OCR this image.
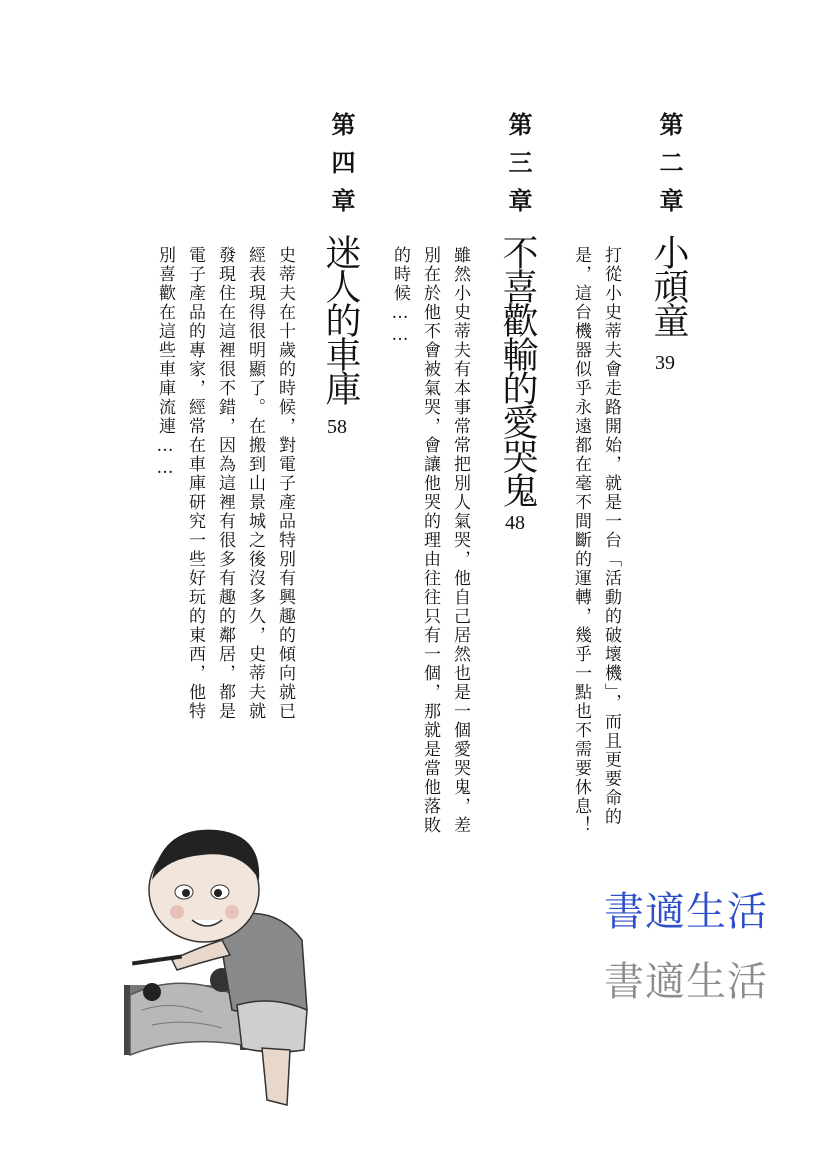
第二章
小頑童
39
打從小史蒂夫會走路開始，就是一台「活動的破壞機」，而且更要命的
是，這台機器似乎永遠都在毫不間斷的運轉，幾乎一點也不需要休息！
第三章
不喜歡輸的愛哭鬼
48
雖然小史蒂夫有本事常常把別人氣哭，他自己居然也是一個愛哭鬼，差
別在於他不會被氣哭，會讓他哭的理由往往只有一個，那就是當他落敗
的時候……
第四章
迷人的車庫
58
史蒂夫在十歲的時候，對電子產品特別有興趣的傾向就已
經表現得很明顯了。在搬到山景城之後沒多久，史蒂夫就
發現住在這裡很不錯，因為這裡有很多有趣的鄰居，都是
電子產品的專家，經常在車庫研究一些好玩的東西，他特
別喜歡在這些車庫流連……
書適生活
書適生活
